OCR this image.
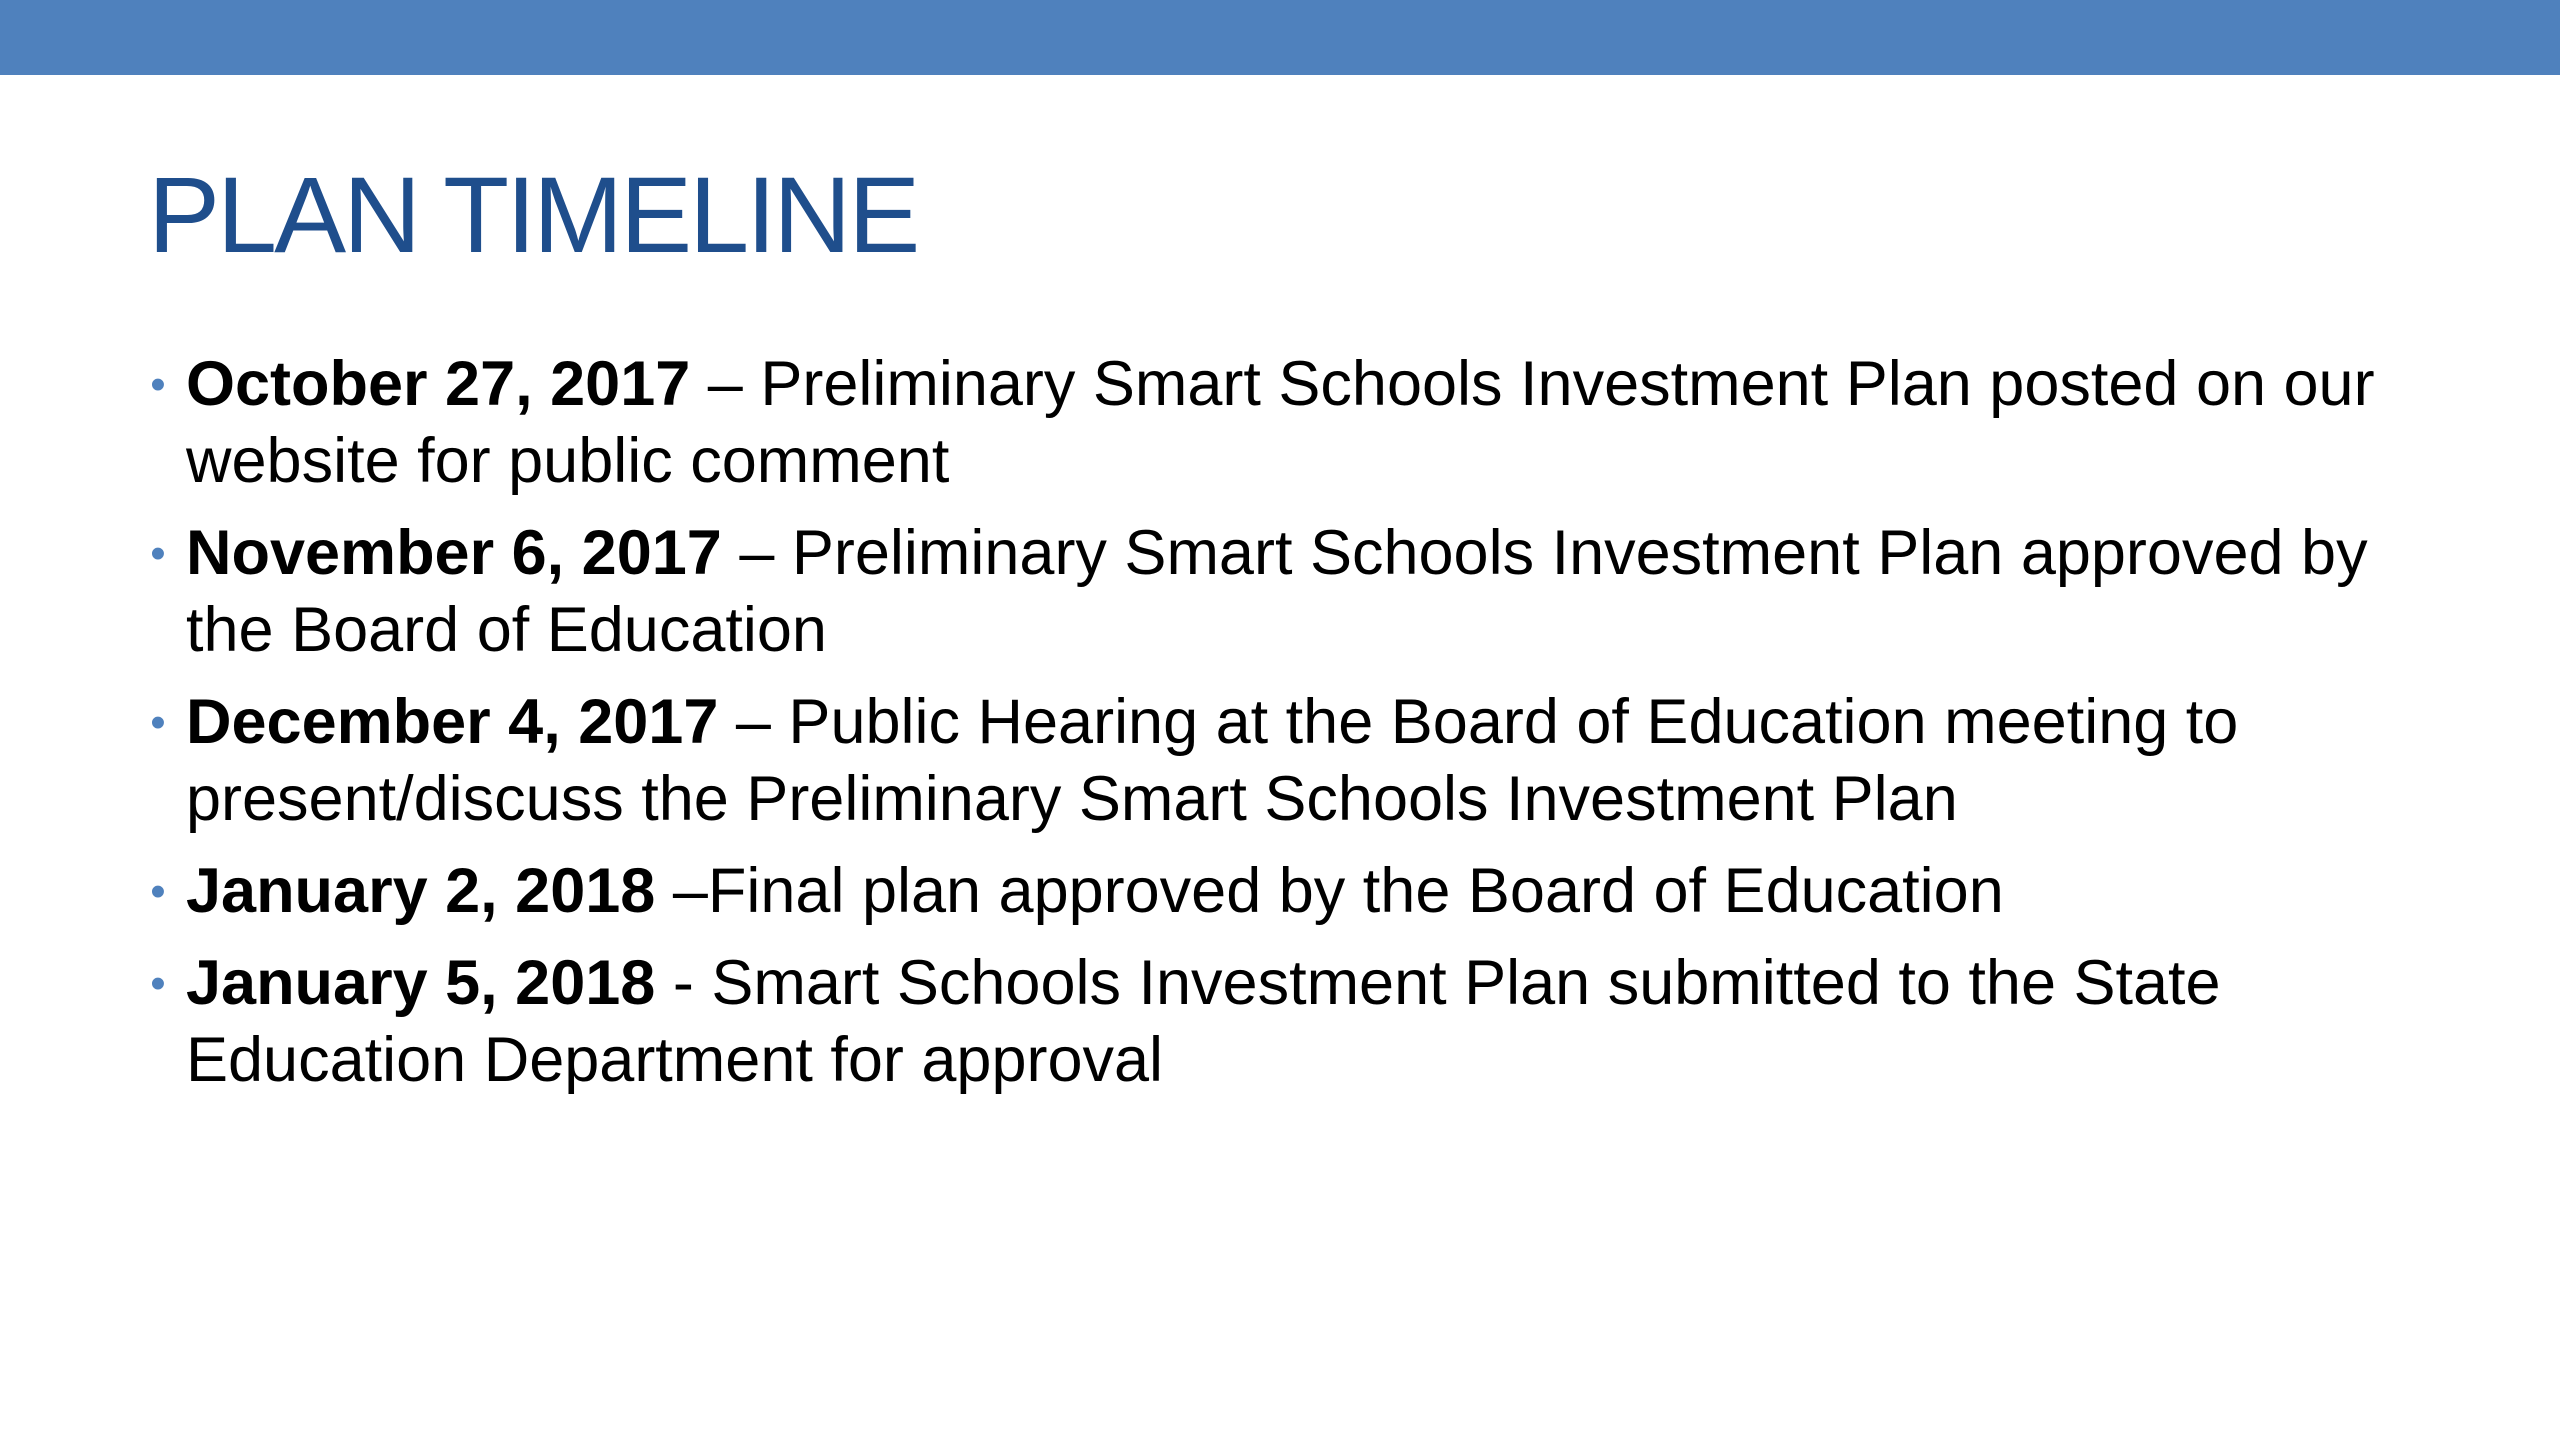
PLAN TIMELINE
• October 27, 2017 – Preliminary Smart Schools Investment Plan posted on our website for public comment
• November 6, 2017 – Preliminary Smart Schools Investment Plan approved by the Board of Education
• December 4, 2017 – Public Hearing at the Board of Education meeting to present/discuss the Preliminary Smart Schools Investment Plan
• January 2, 2018 –Final plan approved by the Board of Education
• January 5, 2018 - Smart Schools Investment Plan submitted to the State Education Department for approval
